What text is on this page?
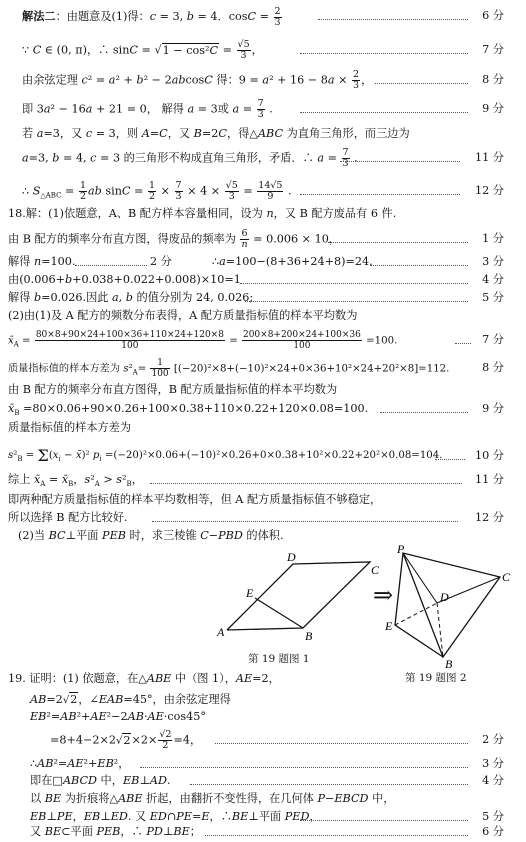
解法二：由题意及(1)得：c = 3, b = 4．$\cos C = \frac{2}{3}$	6 分
∵ C ∈ (0, π)，∴ $\sin C = √1 - \cos^2C = \frac{√5}{3}$ ，	7 分
由余弦定理 c² = a² + b² − 2abcosC 得：$9 = a^2 + 16 - 8a \times \frac{2}{3}$ ，	8 分
即 3a² − 16a + 21 = 0， 解得 a = 3或 $a = \frac{7}{3}$ .	9 分
若 a=3，又 c = 3，则 A=C，又 B=2C，得△ABC 为直角三角形，而三边为
a=3, b = 4, c = 3 的三角形不构成直角三角形，矛盾．∴ $a = \frac{7}{3}$ .	11 分
∴ $S_{\triangle ABC} = \frac{1}{2}$ ab $\sin C = \frac{1}{2} \times \frac{7}{3} \times 4 \times \frac{√5}{3} = \frac{14√5}{9}$ .	12 分
18.解：(1)依题意，A、B 配方样本容量相同，设为 n，又 B 配方废品有 6 件.
由 B 配方的频率分布直方图，得废品的频率为 $\frac{6}{n} = 0.006 \times 10$，	1 分
解得 n=100.	2 分	∴a=100−(8+36+24+8)=24.	3 分
由(0.006+b+0.038+0.022+0.008)×10=1	4 分
解得 b=0.026.因此 a, b 的值分别为 24, 0.026;	5 分
(2)由(1)及 A 配方的频数分布表得，A 配方质量指标值的样本平均数为
$x̄_A = \frac{80\times 8+90\times 24+100\times 36+110\times 24+120\times 8}{100} = \frac{200\times 8+200\times 24+100\times 36}{100} =100$.	7 分
质量指标值的样本方差为 $s^2_A= \frac{1}{100} [(-20)^2\times 8+(-10)^2\times 24+0\times 36+10^2\times 24+20^2\times 8]=112$.	8 分
由 B 配方的频率分布直方图得，B 配方质量指标值的样本平均数为
$x̄_B =80\times 0.06+90\times 0.26+100\times 0.38+110\times 0.22+120\times 0.08=100$.	9 分
质量指标值的样本方差为
$s^2_B = \Sigma(x_i$ − x̄)² $p_i =(-20)^2\times 0.06+(-10)^2\times 0.26+0\times 0.38+10^2\times 0.22+20^2\times 0.08=104$.	10 分
综上 $x̄_A$ = $x̄_B$，$s^2_A > s^2_B$，	11 分
即两种配方质量指标值的样本平均数相等，但 A 配方质量指标值不够稳定，
所以选择 B 配方比较好.	12 分
(2)当 BC⊥平面 PEB 时，求三棱锥 C−PBD 的体积.
A	B
C
D
E
第 19 题图 1
⇒
P
C
D
E
B
第 19 题图 2
19. 证明：(1) 依题意，在△ABE 中（图 1），AE=2，
AB=2√2，∠EAB=45°，由余弦定理得
EB²=AB²+AE²−2AB·AE·cos45°
$=8+4-2\times 2√2\times 2\times \frac{√2}{2} =4$，	2 分
∴AB²=AE²+EB²，	3 分
即在□ABCD 中，EB⊥AD.	4 分
以 BE 为折痕将△ABE 折起，由翻折不变性得，在几何体 P−EBCD 中，
EB⊥PE，EB⊥ED. 又 ED∩PE=E，∴BE⊥平面 PED，	5 分
又 BE⊂平面 PEB，∴ PD⊥BE；	6 分
